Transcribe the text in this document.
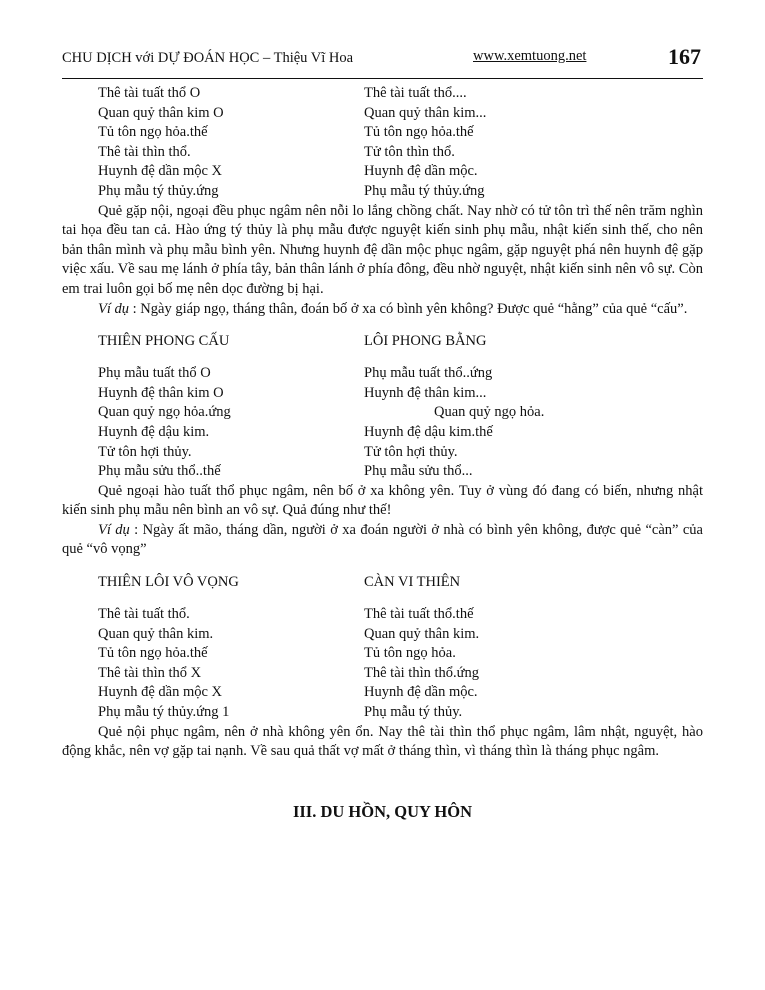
CHU DỊCH với DỰ ĐOÁN HỌC – Thiệu Vĩ Hoa	www.xemtuong.net	167
Thê tài tuất thổ O	Thê tài tuất thổ....
Quan quỷ thân kim O	Quan quỷ thân kim...
Tủ tôn ngọ hỏa.thế	Tủ tôn ngọ hỏa.thế
Thê tài thìn thổ.	Tử tôn thìn thổ.
Huynh đệ dần mộc X	Huynh đệ dần mộc.
Phụ mẫu tý thủy.ứng	Phụ mẫu tý thủy.ứng

Quẻ gặp nội, ngoại đều phục ngâm nên nỗi lo lắng chồng chất. Nay nhờ có tử tôn trì thế nên trăm nghìn tai họa đều tan cả. Hào ứng tý thủy là phụ mẫu được nguyệt kiến sinh phụ mẫu, nhật kiến sinh thế, cho nên bản thân mình và phụ mẫu bình yên. Nhưng huynh đệ dần mộc phục ngâm, gặp nguyệt phá nên huynh đệ gặp việc xấu. Về sau mẹ lánh ở phía tây, bản thân lánh ở phía đông, đều nhờ nguyệt, nhật kiến sinh nên vô sự. Còn em trai luôn gọi bố mẹ nên dọc đường bị hại.

Ví dụ : Ngày giáp ngọ, tháng thân, đoán bố ở xa có bình yên không? Được quẻ “hằng” của quẻ “cấu”.

THIÊN PHONG CẤU	LÔI PHONG BẰNG
Phụ mẫu tuất thổ O	Phụ mẫu tuất thổ..ứng
Huynh đệ thân kim O	Huynh đệ thân kim...
Quan quỷ ngọ hỏa.ứng	Quan quỷ ngọ hỏa.
Huynh đệ dậu kim.	Huynh đệ dậu kim.thế
Tử tôn hợi thủy.	Tử tôn hợi thủy.
Phụ mẫu sửu thổ..thế	Phụ mẫu sửu thổ...

Quẻ ngoại hào tuất thổ phục ngâm, nên bố ở xa không yên. Tuy ở vùng đó đang có biến, nhưng nhật kiến sinh phụ mẫu nên bình an vô sự. Quả đúng như thế!

Ví dụ : Ngày ất mão, tháng dần, người ở xa đoán người ở nhà có bình yên không, được quẻ “càn” của quẻ “vô vọng”

THIÊN LÔI VÔ VỌNG	CÀN VI THIÊN
Thê tài tuất thổ.	Thê tài tuất thổ.thế
Quan quỷ thân kim.	Quan quỷ thân kim.
Tủ tôn ngọ hỏa.thế	Tủ tôn ngọ hỏa.
Thê tài thìn thổ X	Thê tài thìn thổ.ứng
Huynh đệ dần mộc X	Huynh đệ dần mộc.
Phụ mẫu tý thủy.ứng 1	Phụ mẫu tý thủy.

Quẻ nội phục ngâm, nên ở nhà không yên ổn. Nay thê tài thìn thổ phục ngâm, lâm nhật, nguyệt, hào động khắc, nên vợ gặp tai nạnh. Về sau quả thất vợ mất ở tháng thìn, vì tháng thìn là tháng phục ngâm.

III. DU HỒN, QUY HÔN
